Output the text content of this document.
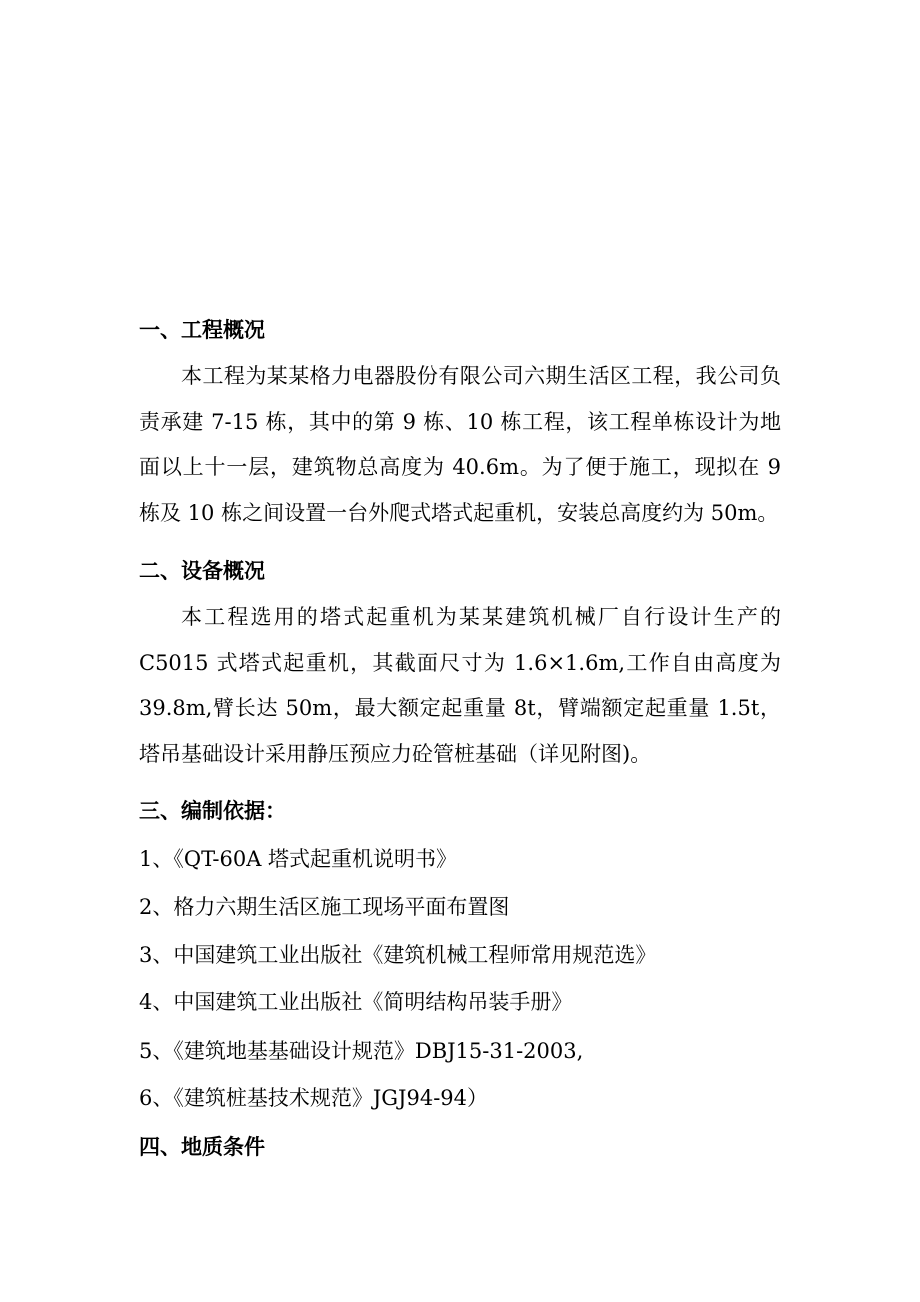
一、工程概况
本工程为某某格力电器股份有限公司六期生活区工程，我公司负责承建 7-15 栋，其中的第 9 栋、10 栋工程，该工程单栋设计为地面以上十一层，建筑物总高度为 40.6m。为了便于施工，现拟在 9 栋及 10 栋之间设置一台外爬式塔式起重机，安装总高度约为 50m。
二、设备概况
本工程选用的塔式起重机为某某建筑机械厂自行设计生产的C5015 式塔式起重机，其截面尺寸为 1.6×1.6m,工作自由高度为 39.8m,臂长达 50m，最大额定起重量 8t，臂端额定起重量 1.5t，塔吊基础设计采用静压预应力砼管桩基础（详见附图)。
三、编制依据：
1、《QT-60A 塔式起重机说明书》
2、格力六期生活区施工现场平面布置图
3、中国建筑工业出版社《建筑机械工程师常用规范选》
4、中国建筑工业出版社《简明结构吊装手册》
5、《建筑地基基础设计规范》DBJ15-31-2003,
6、《建筑桩基技术规范》JGJ94-94）
四、地质条件
